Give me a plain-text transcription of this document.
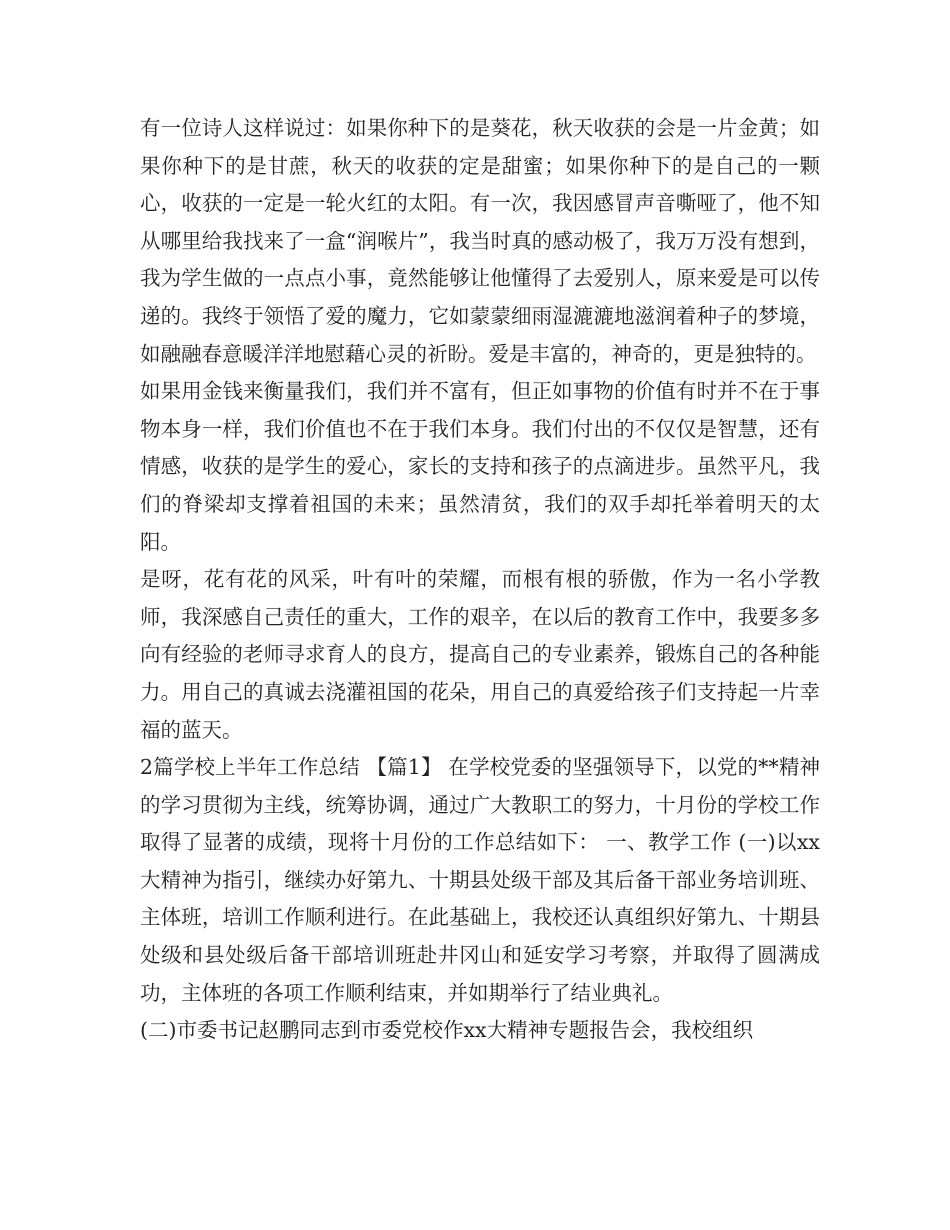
有一位诗人这样说过：如果你种下的是葵花，秋天收获的会是一片金黄；如果你种下的是甘蔗，秋天的收获的定是甜蜜；如果你种下的是自己的一颗心，收获的一定是一轮火红的太阳。有一次，我因感冒声音嘶哑了，他不知从哪里给我找来了一盒“润喉片”，我当时真的感动极了，我万万没有想到，我为学生做的一点点小事，竟然能够让他懂得了去爱别人，原来爱是可以传递的。我终于领悟了爱的魔力，它如蒙蒙细雨湿漉漉地滋润着种子的梦境，如融融春意暖洋洋地慰藉心灵的祈盼。爱是丰富的，神奇的，更是独特的。

如果用金钱来衡量我们，我们并不富有，但正如事物的价值有时并不在于事物本身一样，我们价值也不在于我们本身。我们付出的不仅仅是智慧，还有情感，收获的是学生的爱心，家长的支持和孩子的点滴进步。虽然平凡，我们的脊梁却支撑着祖国的未来；虽然清贫，我们的双手却托举着明天的太阳。

是呀，花有花的风采，叶有叶的荣耀，而根有根的骄傲，作为一名小学教师，我深感自己责任的重大，工作的艰辛，在以后的教育工作中，我要多多向有经验的老师寻求育人的良方，提高自己的专业素养，锻炼自己的各种能力。用自己的真诚去浇灌祖国的花朵，用自己的真爱给孩子们支持起一片幸福的蓝天。

2篇学校上半年工作总结 【篇1】 在学校党委的坚强领导下，以党的**精神的学习贯彻为主线，统筹协调，通过广大教职工的努力，十月份的学校工作取得了显著的成绩，现将十月份的工作总结如下： 一、教学工作 (一)以xx大精神为指引，继续办好第九、十期县处级干部及其后备干部业务培训班、主体班，培训工作顺利进行。在此基础上，我校还认真组织好第九、十期县处级和县处级后备干部培训班赴井冈山和延安学习考察，并取得了圆满成功，主体班的各项工作顺利结束，并如期举行了结业典礼。

(二)市委书记赵鹏同志到市委党校作xx大精神专题报告会，我校组织
